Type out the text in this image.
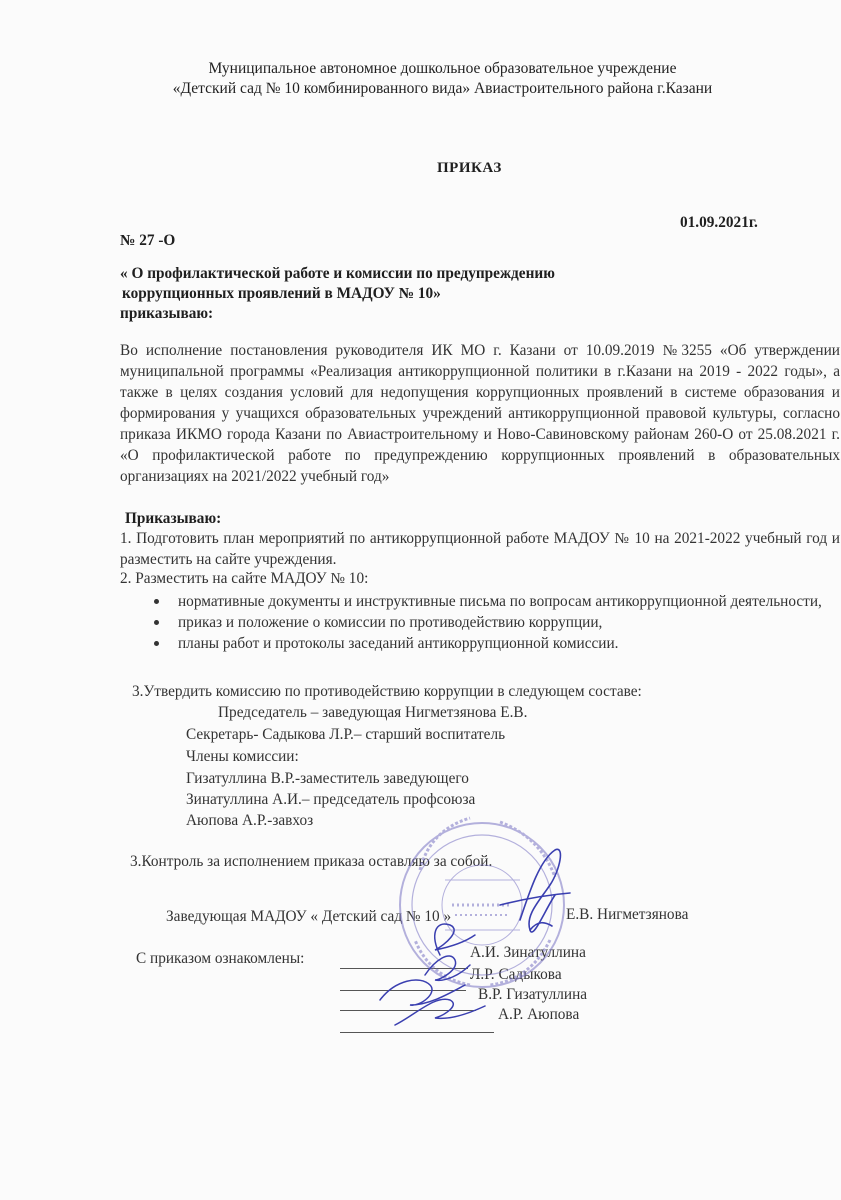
Муниципальное автономное дошкольное образовательное учреждение
«Детский сад № 10 комбинированного вида» Авиастроительного района г.Казани
ПРИКАЗ
01.09.2021г.
№ 27 -О
« О профилактической работе и комиссии по предупреждению
коррупционных проявлений в МАДОУ № 10»
приказываю:
Во исполнение постановления руководителя ИК МО г. Казани от 10.09.2019 №3255 «Об утверждении муниципальной программы «Реализация антикоррупционной политики в г.Казани на 2019 - 2022 годы», а также в целях создания условий для недопущения коррупционных проявлений в системе образования и формирования у учащихся образовательных учреждений антикоррупционной правовой культуры, согласно приказа ИКМО города Казани по Авиастроительному и Ново-Савиновскому районам 260-О от 25.08.2021 г. «О профилактической работе по предупреждению коррупционных проявлений в образовательных организациях на 2021/2022 учебный год»
Приказываю:
1. Подготовить план мероприятий по антикоррупционной работе МАДОУ № 10 на 2021-2022 учебный год и разместить на сайте учреждения.
2. Разместить на сайте МАДОУ № 10:
нормативные документы и инструктивные письма по вопросам антикоррупционной деятельности,
приказ и положение о комиссии по противодействию коррупции,
планы работ и протоколы заседаний антикоррупционной комиссии.
3.Утвердить комиссию по противодействию коррупции в следующем составе:
Председатель – заведующая Нигметзянова Е.В.
Секретарь- Садыкова Л.Р.– старший воспитатель
Члены комиссии:
Гизатуллина В.Р.-заместитель заведующего
Зинатуллина А.И.– председатель профсоюза
Аюпова А.Р.-завхоз
3.Контроль за исполнением приказа оставляю за собой.
Заведующая МАДОУ « Детский сад № 10 »	Е.В. Нигметзянова
С приказом ознакомлены:	А.И. Зинатуллина
Л.Р. Садыкова
В.Р. Гизатуллина
А.Р. Аюпова
